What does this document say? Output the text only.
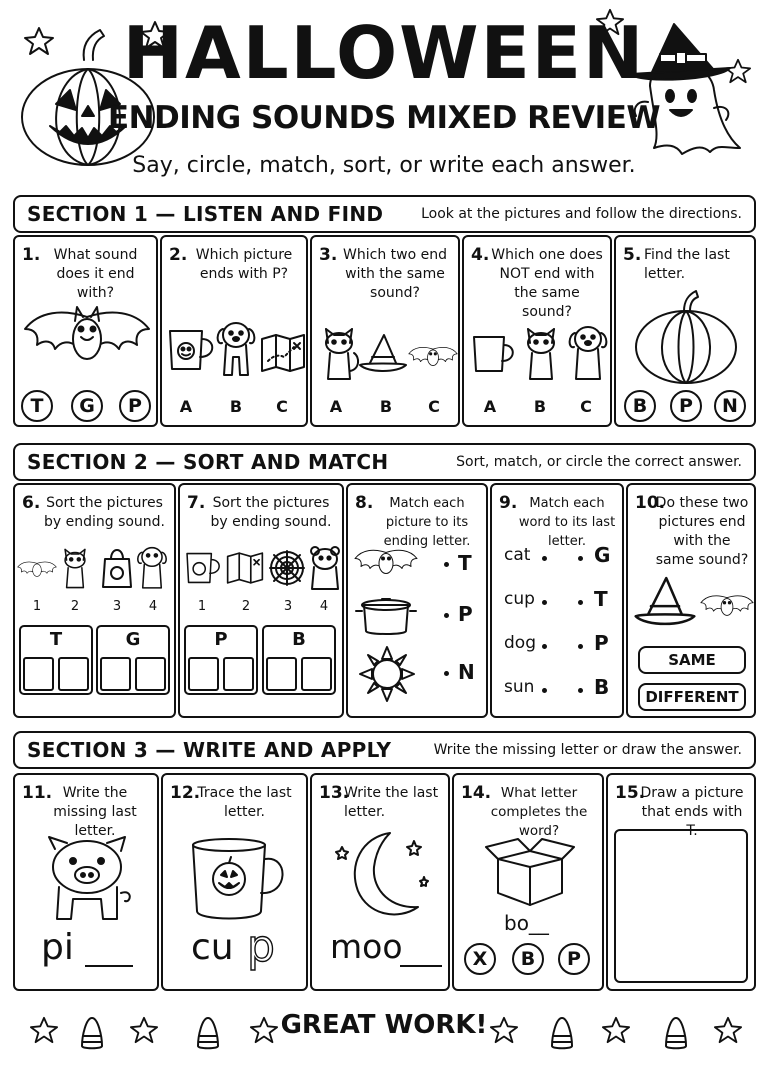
HALLOWEEN
ENDING SOUNDS MIXED REVIEW
Say, circle, match, sort, or write each answer.
SECTION 1 — LISTEN AND FIND	Look at the pictures and follow the directions.
1. What sound does it end with?
T	G	P
2. Which picture ends with P?
A B C
3. Which two end with the same sound?
A B C
4. Which one does NOT end with the same sound?
A B C
5. Find the last letter.
B	P	N
SECTION 2 — SORT AND MATCH	Sort, match, or circle the correct answer.
6. Sort the pictures by ending sound.
1 2	3 4
T	G
7. Sort the pictures by ending sound.
1	2	3 4
P	B
8.	Match each picture to its ending letter.
T
P
N
9. Match each word to its last letter.
cat	G
cup	T
dog	P
sun	B
10.
Do these two pictures end with the same sound?
SAME
DIFFERENT
SECTION 3 — WRITE AND APPLY	Write the missing letter or draw the answer.
11. Write the missing last letter.
pi
12.
Trace the last letter.
cu p
13.
Write the last letter.
moo
14. What letter completes the word?
bo__
X	B	P
15.
Draw a picture that ends with T.
GREAT WORK!
